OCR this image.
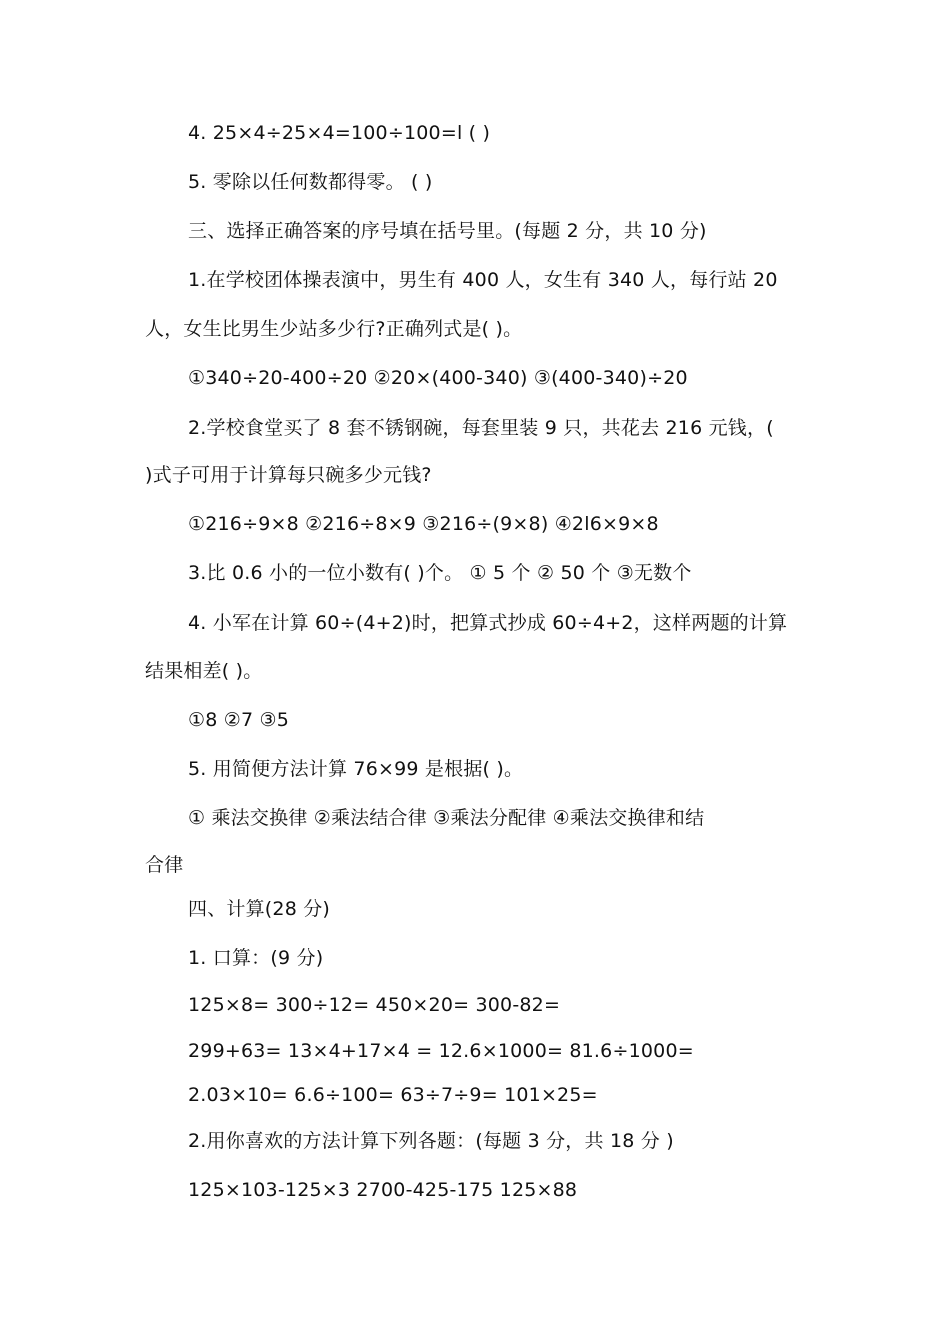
4. 25×4÷25×4=100÷100=l ( )
5. 零除以任何数都得零。 ( )
三、选择正确答案的序号填在括号里。(每题 2 分，共 10 分)
1.在学校团体操表演中，男生有 400 人，女生有 340 人，每行站 20
人，女生比男生少站多少行?正确列式是( )。
①340÷20-400÷20 ②20×(400-340) ③(400-340)÷20
2.学校食堂买了 8 套不锈钢碗，每套里装 9 只，共花去 216 元钱，(
)式子可用于计算每只碗多少元钱?
①216÷9×8 ②216÷8×9 ③216÷(9×8) ④2l6×9×8
3.比 0.6 小的一位小数有( )个。 ① 5 个 ② 50 个 ③无数个
4. 小军在计算 60÷(4+2)时，把算式抄成 60÷4+2，这样两题的计算
结果相差( )。
①8 ②7 ③5
5. 用简便方法计算 76×99 是根据( )。
① 乘法交换律 ②乘法结合律 ③乘法分配律 ④乘法交换律和结
合律
四、计算(28 分)
1. 口算：(9 分)
125×8= 300÷12= 450×20= 300-82=
299+63= 13×4+17×4 = 12.6×1000= 81.6÷1000=
2.03×10= 6.6÷100= 63÷7÷9= 101×25=
2.用你喜欢的方法计算下列各题：(每题 3 分，共 18 分 )
125×103-125×3 2700-425-175 125×88
